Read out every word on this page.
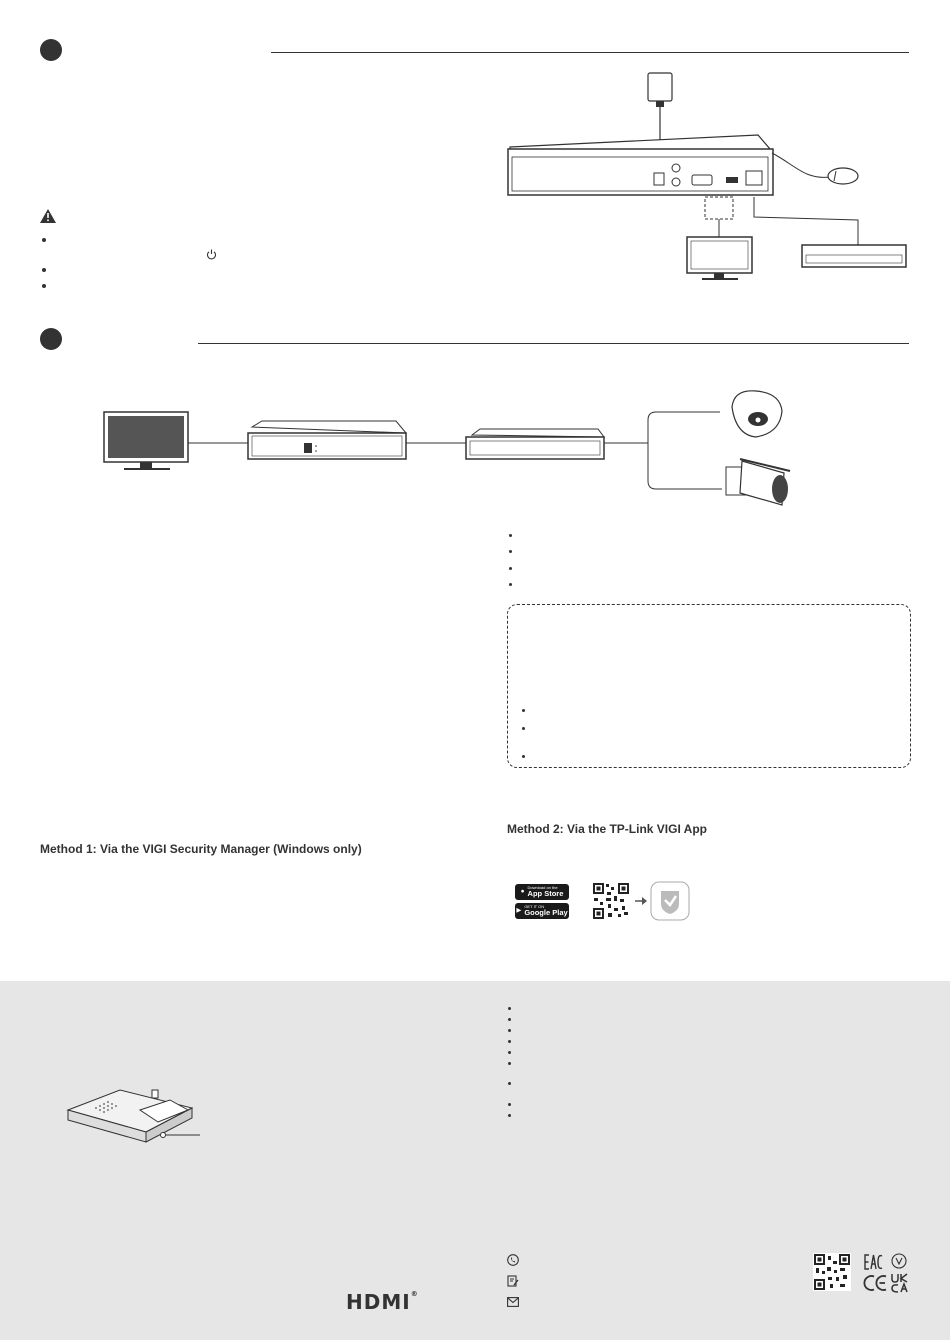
Method 2: Via the TP-Link VIGI App
Method 1: Via the VIGI Security Manager (Windows only)
● Download on the
App Store
▶ GET IT ON
Google Play
HDMI®
